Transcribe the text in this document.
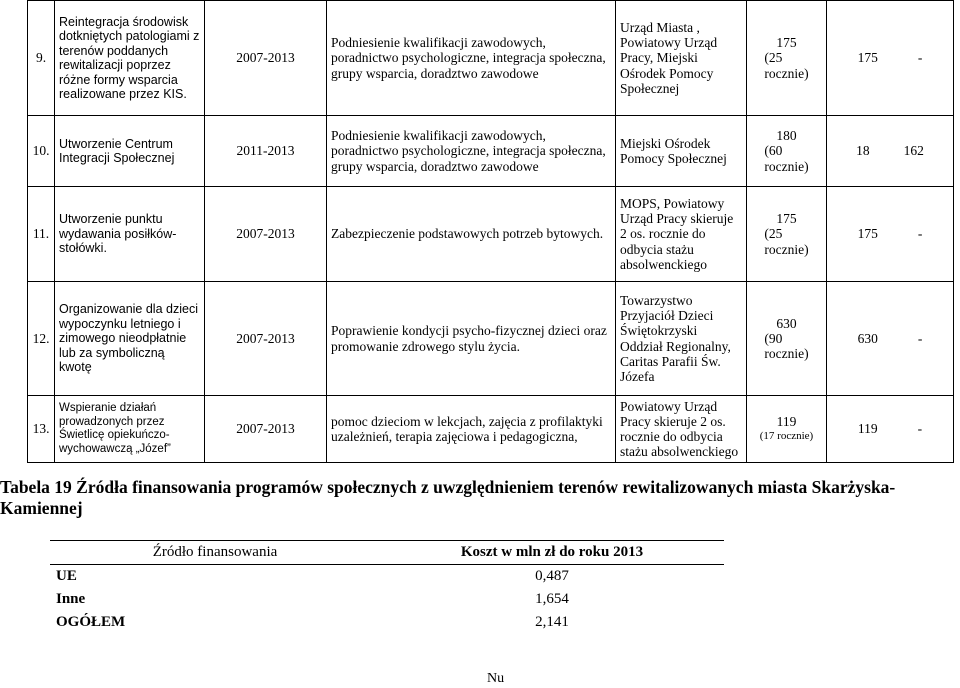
9.	Reintegracja środowisk dotkniętych patologiami z terenów poddanych rewitalizacji poprzez różne formy wsparcia realizowane przez KIS.	2007-2013	Podniesienie kwalifikacji zawodowych, poradnictwo psychologiczne, integracja społeczna, grupy wsparcia, doradztwo zawodowe	Urząd Miasta , Powiatowy Urząd Pracy, Miejski Ośrodek Pomocy Społecznej	175
(25
rocznie)	175 -

10.	Utworzenie Centrum Integracji Społecznej	2011-2013	Podniesienie kwalifikacji zawodowych, poradnictwo psychologiczne, integracja społeczna, grupy wsparcia, doradztwo zawodowe	Miejski Ośrodek Pomocy Społecznej	180
(60
rocznie)	18 162

11.	Utworzenie punktu wydawania posiłków-stołówki.	2007-2013	Zabezpieczenie podstawowych potrzeb bytowych.	MOPS, Powiatowy Urząd Pracy skieruje 2 os. rocznie do odbycia stażu absolwenckiego	175
(25
rocznie)	175 -

12.	Organizowanie dla dzieci wypoczynku letniego i zimowego nieodpłatnie lub za symboliczną kwotę	2007-2013	Poprawienie kondycji psycho-fizycznej dzieci oraz promowanie zdrowego stylu życia.	Towarzystwo Przyjaciół Dzieci Świętokrzyski Oddział Regionalny, Caritas Parafii Św. Józefa	630
(90
rocznie)	630 -

13.	Wspieranie działań prowadzonych przez Świetlicę opiekuńczo-wychowawczą „Józef”	2007-2013	pomoc dzieciom w lekcjach, zajęcia z profilaktyki uzależnień, terapia zajęciowa i pedagogiczna,	Powiatowy Urząd Pracy skieruje 2 os. rocznie do odbycia stażu absolwenckiego	119
(17 rocznie)	119 -
Tabela 19 Źródła finansowania programów społecznych z uwzględnieniem terenów rewitalizowanych miasta Skarżyska-Kamiennej
Źródło finansowania	Koszt w mln zł do roku 2013
UE	0,487
Inne	1,654
OGÓŁEM	2,141
Nu
